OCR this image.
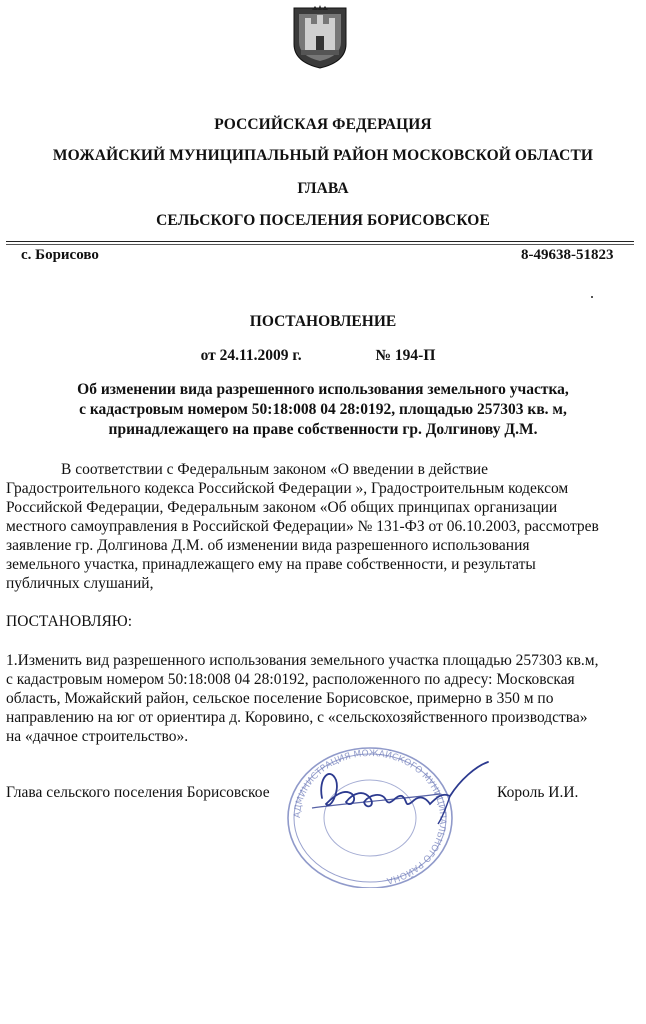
РОССИЙСКАЯ ФЕДЕРАЦИЯ
МОЖАЙСКИЙ МУНИЦИПАЛЬНЫЙ РАЙОН МОСКОВСКОЙ ОБЛАСТИ
ГЛАВА
СЕЛЬСКОГО ПОСЕЛЕНИЯ БОРИСОВСКОЕ
с. Борисово	8-49638-51823
ПОСТАНОВЛЕНИЕ
от 24.11.2009 г.	№ 194-П
Об изменении вида разрешенного использования земельного участка,
с кадастровым номером 50:18:008 04 28:0192, площадью 257303 кв. м,
принадлежащего на праве собственности гр. Долгинову Д.М.
В соответствии с Федеральным законом «О введении в действие
Градостроительного кодекса Российской Федерации », Градостроительным кодексом
Российской Федерации, Федеральным законом «Об общих принципах организации
местного самоуправления в Российской Федерации» № 131-ФЗ от 06.10.2003, рассмотрев
заявление гр. Долгинова Д.М. об изменении вида разрешенного использования
земельного участка, принадлежащего ему на праве собственности, и результаты
публичных слушаний,
ПОСТАНОВЛЯЮ:
1.Изменить вид разрешенного использования земельного участка площадью 257303 кв.м,
с кадастровым номером 50:18:008 04 28:0192, расположенного по адресу: Московская
область, Можайский район, сельское поселение Борисовское, примерно в 350 м по
направлению на юг от ориентира д. Коровино, с «сельскохозяйственного производства»
на «дачное строительство».
АДМИНИСТРАЦИЯ МОЖАЙСКОГО МУНИЦИПАЛЬНОГО РАЙОНА
Глава сельского поселения Борисовское	Король И.И.
